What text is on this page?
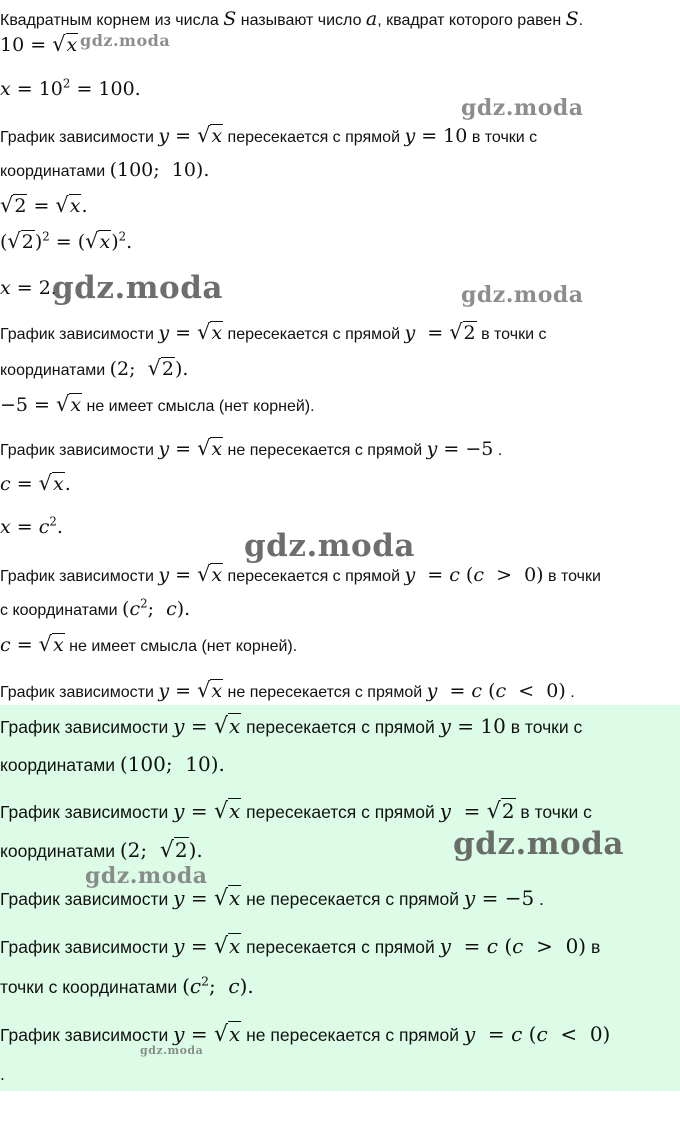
Квадратным корнем из числа S называют число a, квадрат которого равен S.
10 = √x
$x = 10^2 = 100$.
График зависимости y = √x пересекается с прямой y = 10 в точки с
координатами (100;  10).
√2 = √x.
$(√2)^2 = (√x)^2$.
x = 2.
График зависимости y = √x пересекается с прямой y  = √2 в точки с
координатами (2;  √2).
−5 = √x не имеет смысла (нет корней).
График зависимости y = √x не пересекается с прямой y = −5 .
c = √x.
$x = c^2$.
График зависимости y = √x пересекается с прямой y  = c (c  >  0) в точки
с координатами ($c^2$;  c).
c = √x не имеет смысла (нет корней).
График зависимости y = √x не пересекается с прямой y  = c (c  <  0) .
График зависимости y = √x пересекается с прямой y = 10 в точки с
координатами (100;  10).
График зависимости y = √x пересекается с прямой y  = √2 в точки с
координатами (2;  √2).
График зависимости y = √x не пересекается с прямой y = −5 .
График зависимости y = √x пересекается с прямой y  = c (c  >  0) в
точки с координатами ($c^2$;  c).
График зависимости y = √x не пересекается с прямой y  = c (c  <  0)
.
gdz.moda
gdz.moda
gdz.moda	gdz.moda
gdz.moda
gdz.moda
gdz.moda
gdz.moda
